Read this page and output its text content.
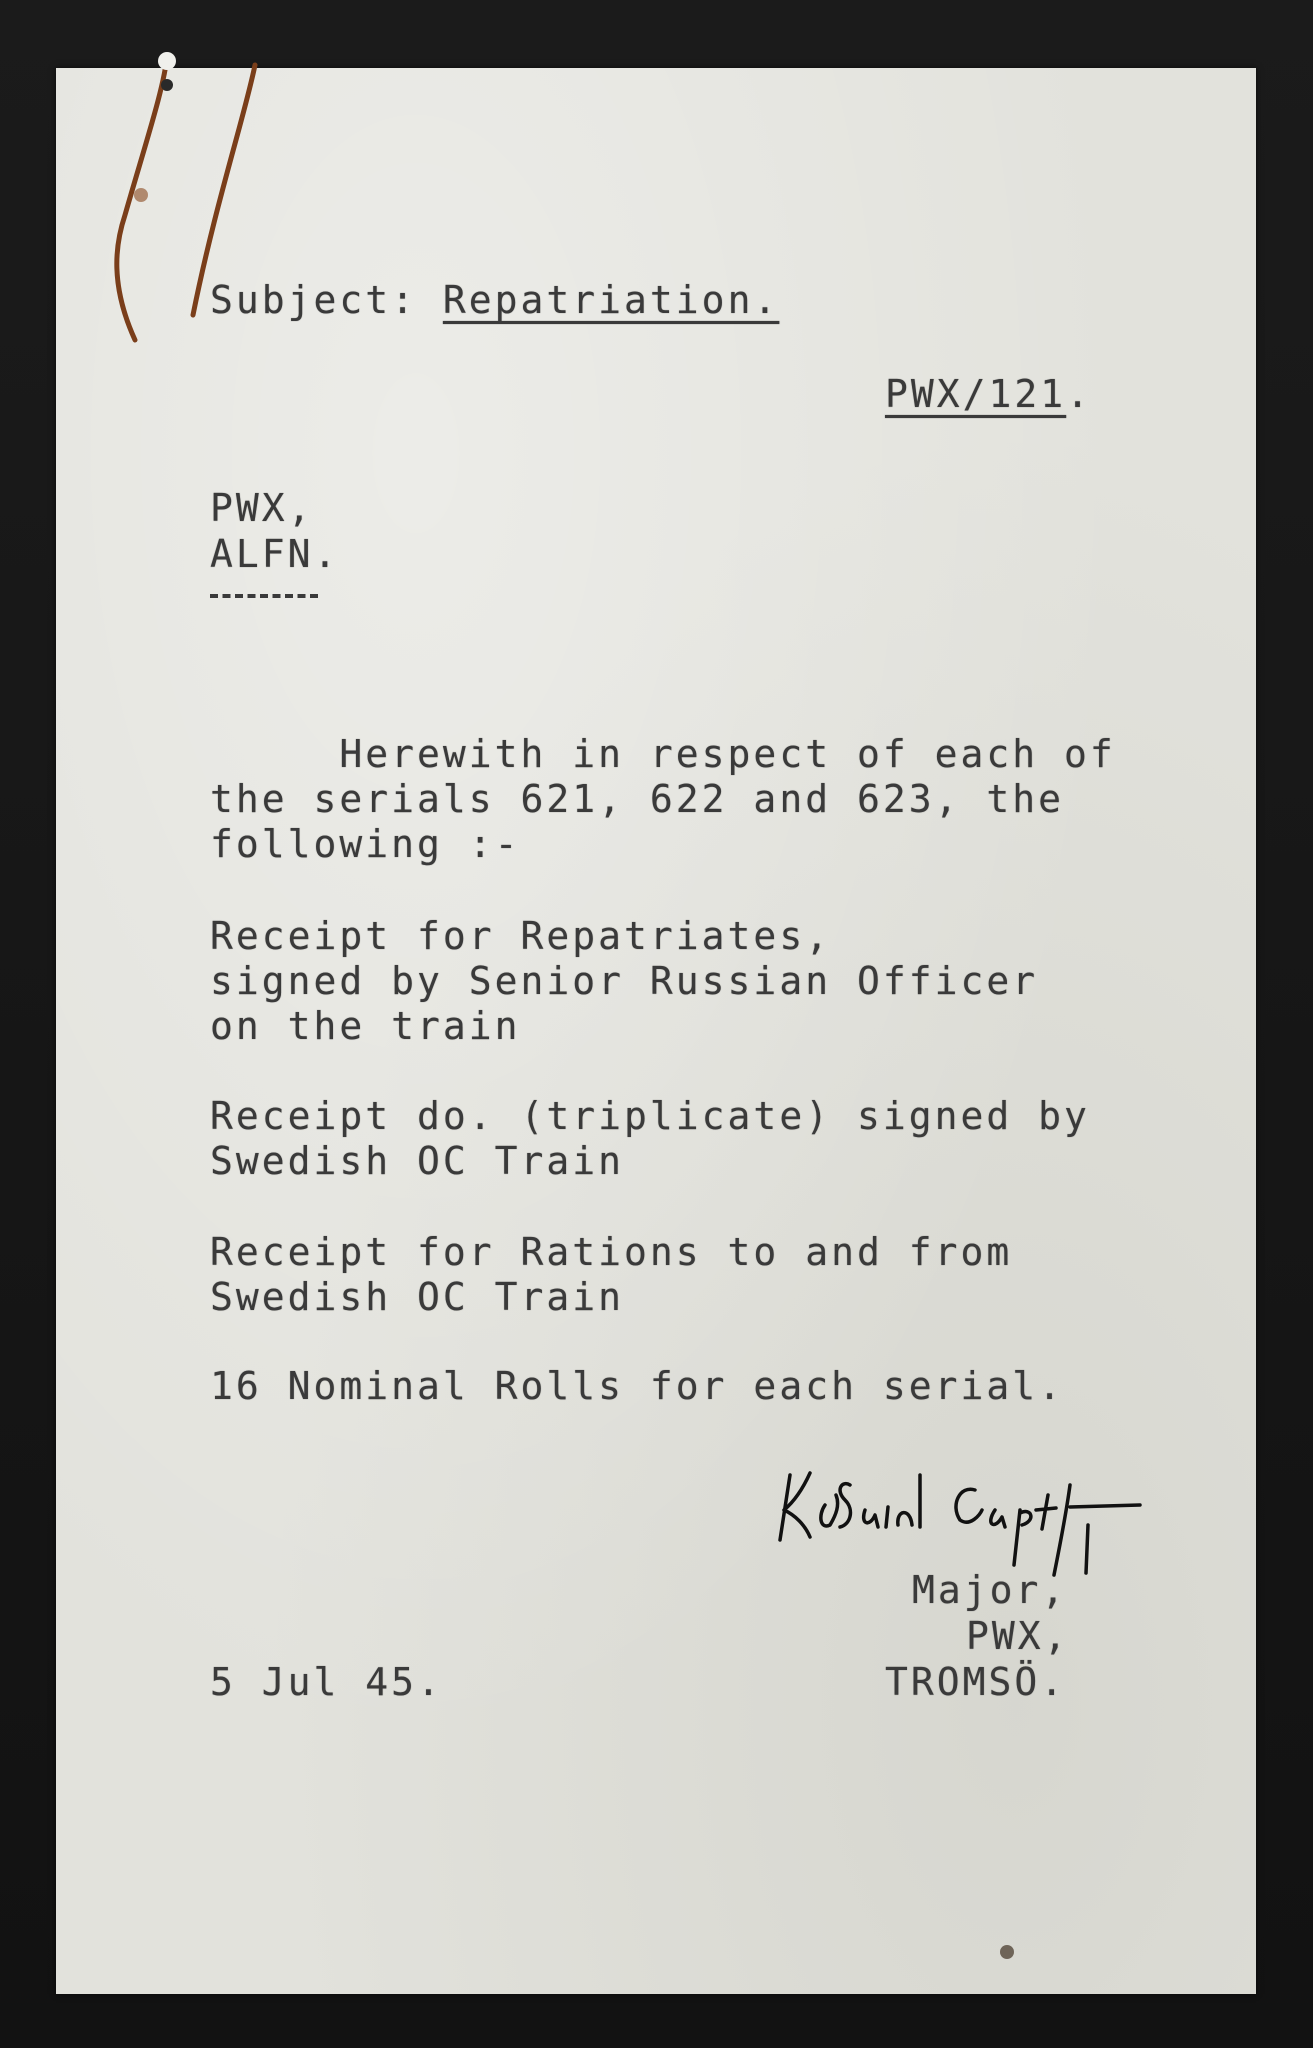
Subject: Repatriation.
PWX/121.
PWX,
ALFN.
Herewith in respect of each of
the serials 621, 622 and 623, the
following :-
Receipt for Repatriates,
signed by Senior Russian Officer
on the train
Receipt do. (triplicate) signed by
Swedish OC Train
Receipt for Rations to and from
Swedish OC Train
16 Nominal Rolls for each serial.
Major,
PWX,
TROMSÖ.
5 Jul 45.
